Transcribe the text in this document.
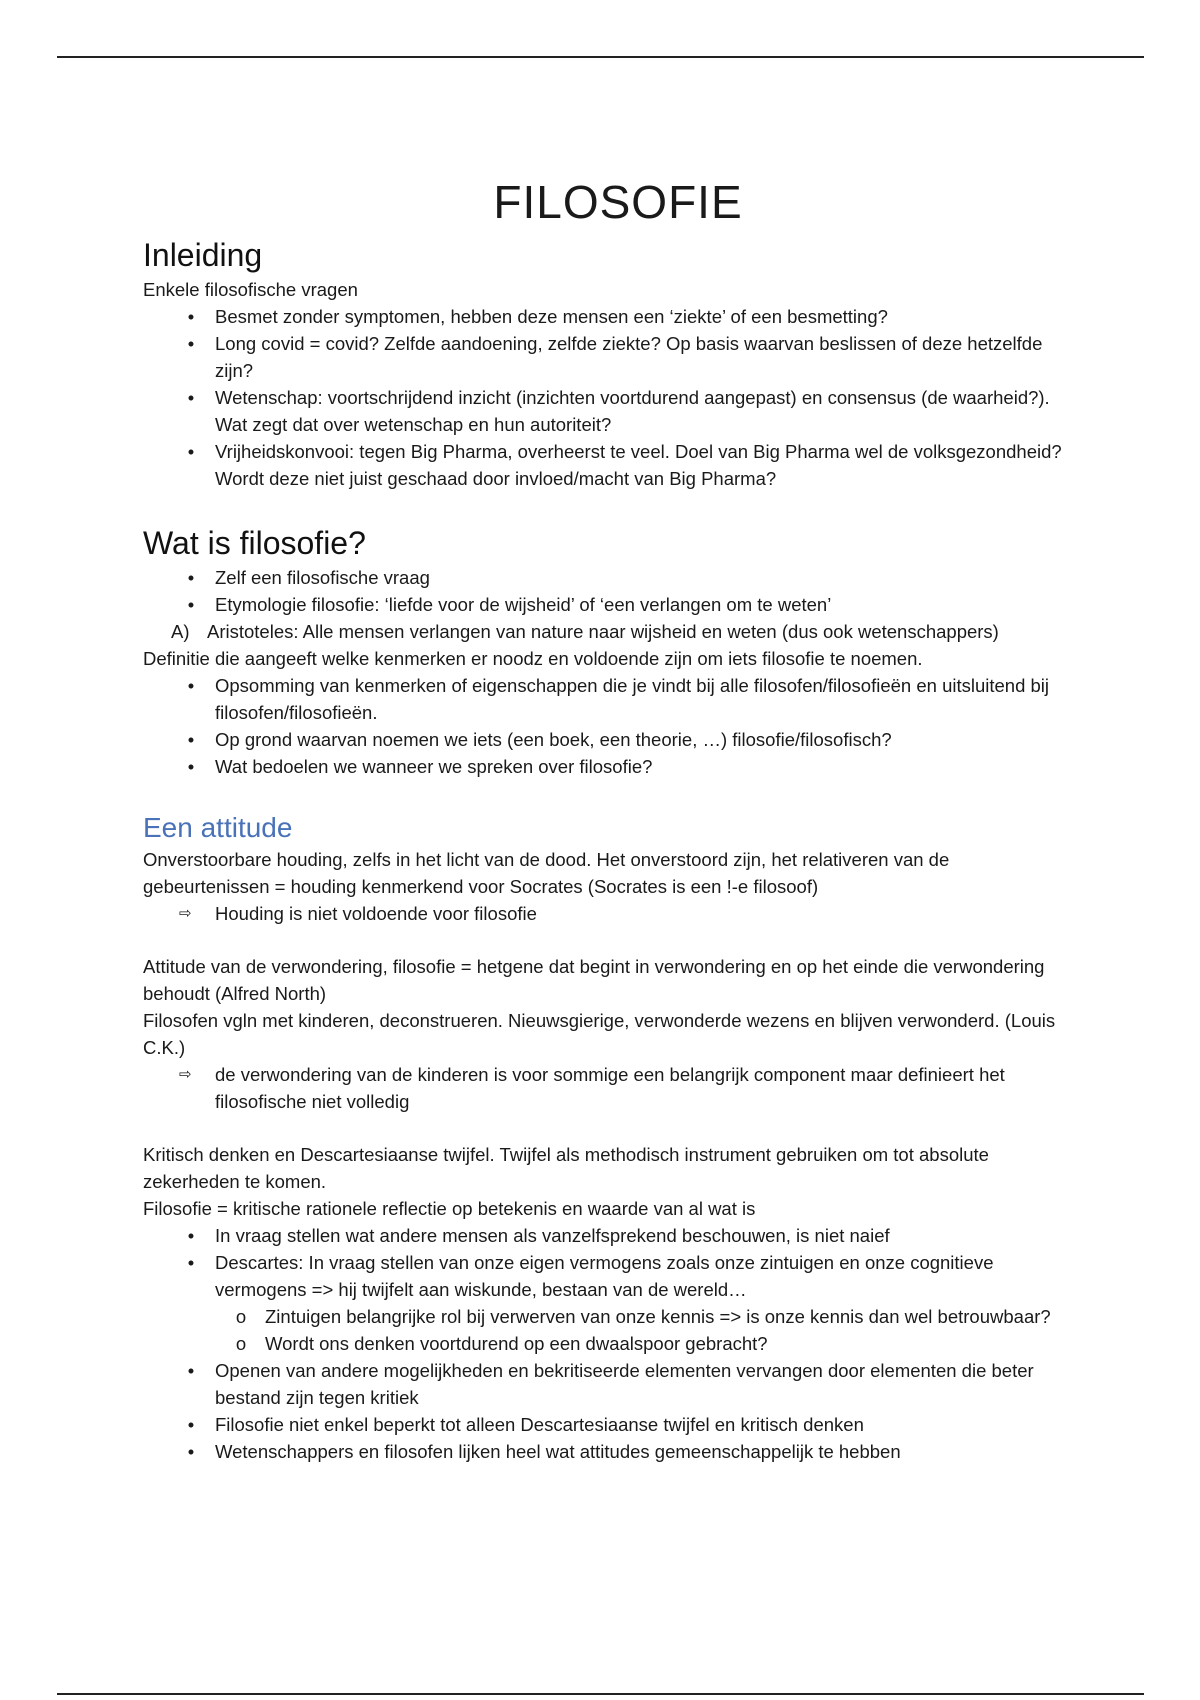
FILOSOFIE
Inleiding

Enkele filosofische vragen

•	Besmet zonder symptomen, hebben deze mensen een ‘ziekte’ of een besmetting?
•	Long covid = covid? Zelfde aandoening, zelfde ziekte? Op basis waarvan beslissen of deze hetzelfde zijn?
•	Wetenschap: voortschrijdend inzicht (inzichten voortdurend aangepast) en consensus (de waarheid?). Wat zegt dat over wetenschap en hun autoriteit?
•	Vrijheidskonvooi: tegen Big Pharma, overheerst te veel. Doel van Big Pharma wel de volksgezondheid? Wordt deze niet juist geschaad door invloed/macht van Big Pharma?
Wat is filosofie?
•	Zelf een filosofische vraag
•	Etymologie filosofie: ‘liefde voor de wijsheid’ of ‘een verlangen om te weten’
A) Aristoteles: Alle mensen verlangen van nature naar wijsheid en weten (dus ook wetenschappers)

Definitie die aangeeft welke kenmerken er noodz en voldoende zijn om iets filosofie te noemen.

•	Opsomming van kenmerken of eigenschappen die je vindt bij alle filosofen/filosofieën en uitsluitend bij filosofen/filosofieën.
•	Op grond waarvan noemen we iets (een boek, een theorie, …) filosofie/filosofisch?
•	Wat bedoelen we wanneer we spreken over filosofie?
Een attitude

Onverstoorbare houding, zelfs in het licht van de dood. Het onverstoord zijn, het relativeren van de gebeurtenissen = houding kenmerkend voor Socrates (Socrates is een !-e filosoof)

⇨ Houding is niet voldoende voor filosofie

Attitude van de verwondering, filosofie = hetgene dat begint in verwondering en op het einde die verwondering behoudt (Alfred North)

Filosofen vgln met kinderen, deconstrueren. Nieuwsgierige, verwonderde wezens en blijven verwonderd. (Louis C.K.)

⇨ de verwondering van de kinderen is voor sommige een belangrijk component maar definieert het filosofische niet volledig

Kritisch denken en Descartesiaanse twijfel. Twijfel als methodisch instrument gebruiken om tot absolute zekerheden te komen.

Filosofie = kritische rationele reflectie op betekenis en waarde van al wat is

•	In vraag stellen wat andere mensen als vanzelfsprekend beschouwen, is niet naief
•	Descartes: In vraag stellen van onze eigen vermogens zoals onze zintuigen en onze cognitieve vermogens => hij twijfelt aan wiskunde, bestaan van de wereld…
o Zintuigen belangrijke rol bij verwerven van onze kennis => is onze kennis dan wel betrouwbaar?
o Wordt ons denken voortdurend op een dwaalspoor gebracht?
•	Openen van andere mogelijkheden en bekritiseerde elementen vervangen door elementen die beter bestand zijn tegen kritiek
•	Filosofie niet enkel beperkt tot alleen Descartesiaanse twijfel en kritisch denken
•	Wetenschappers en filosofen lijken heel wat attitudes gemeenschappelijk te hebben
